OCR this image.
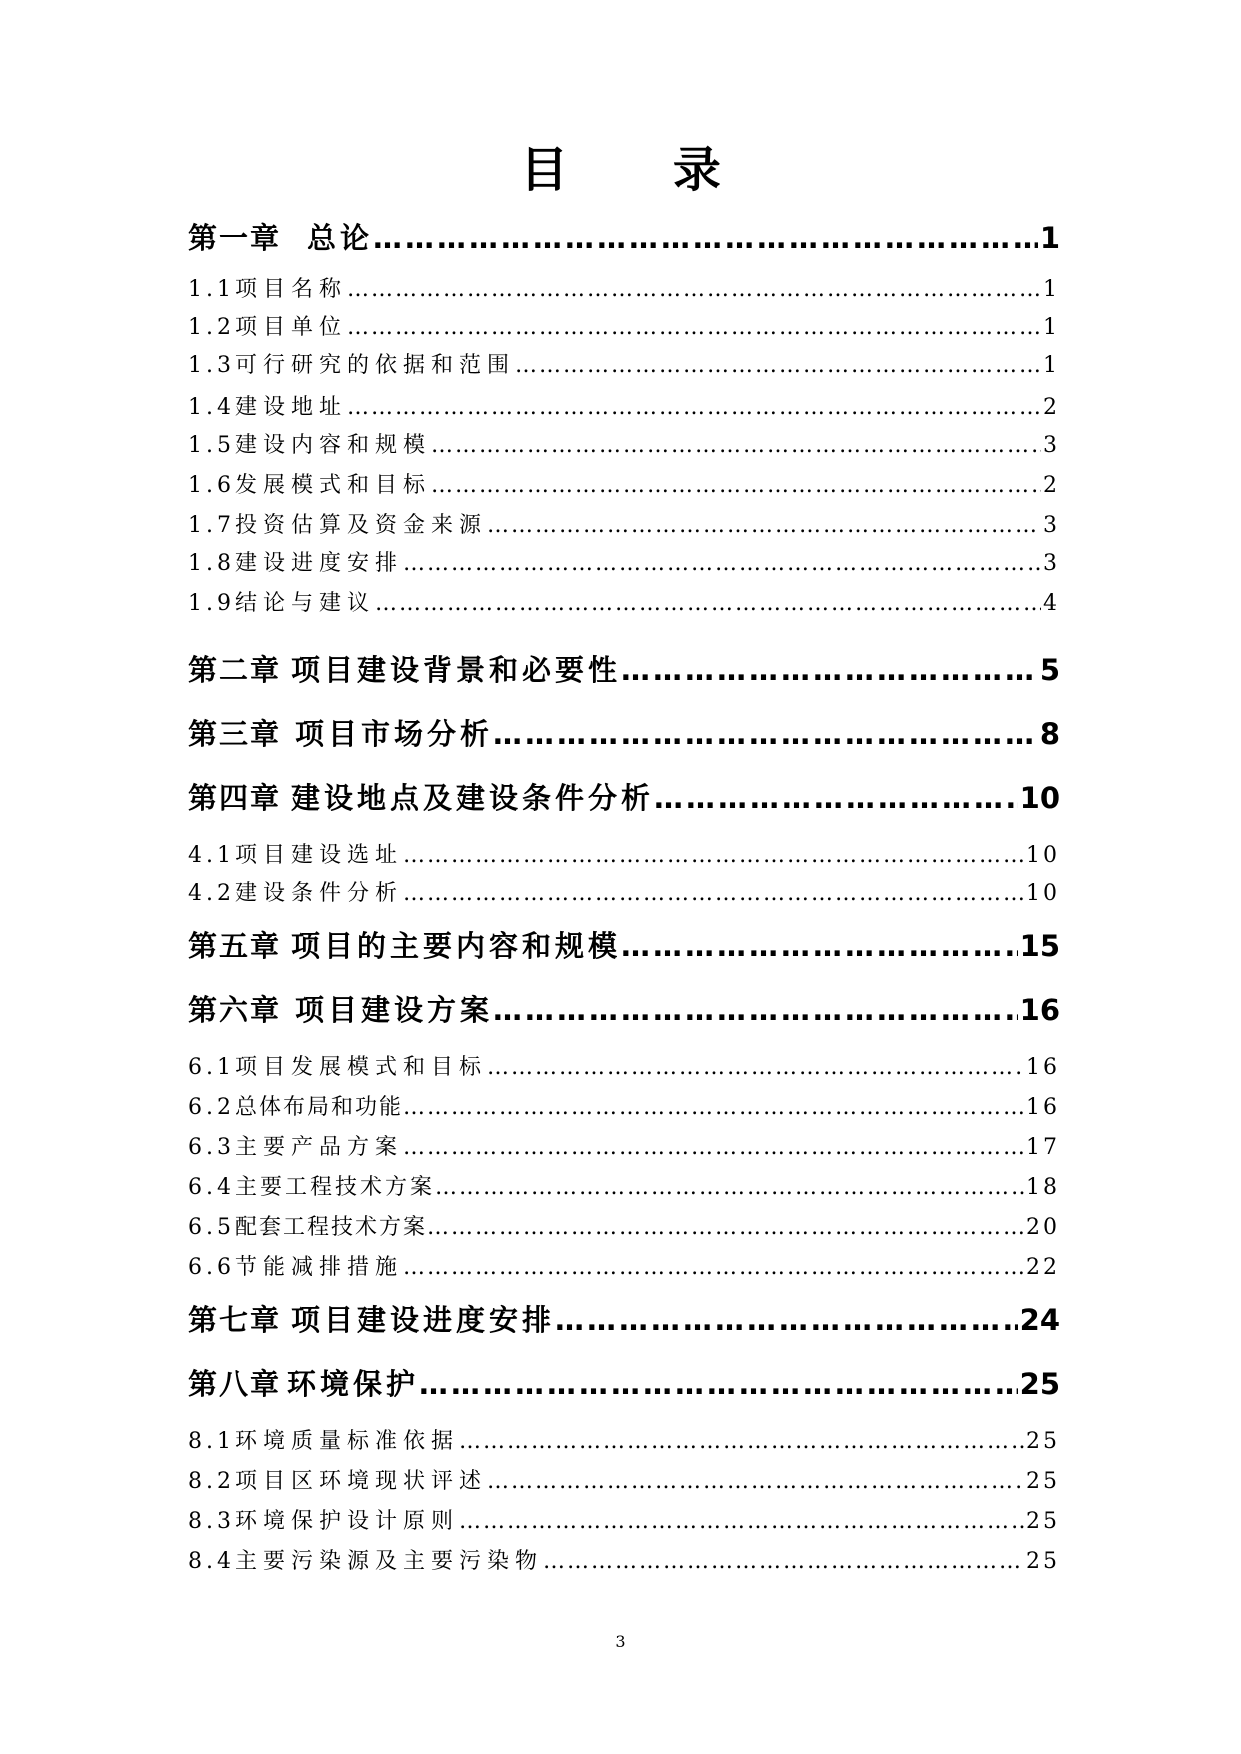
目 录
第一章 总论 …………………………………………………………………………………………………………………………………………	1
1.1 项目名称 …………………………………………………………………………………………………………………………………………	1
1.2 项目单位 …………………………………………………………………………………………………………………………………………	1
1.3 可行研究的依据和范围 …………………………………………………………………………………………………………………………………………	1
1.4 建设地址 …………………………………………………………………………………………………………………………………………	2
1.5 建设内容和规模 …………………………………………………………………………………………………………………………………………	3
1.6 发展模式和目标 …………………………………………………………………………………………………………………………………………	2
1.7 投资估算及资金来源 …………………………………………………………………………………………………………………………………………	3
1.8 建设进度安排 …………………………………………………………………………………………………………………………………………	3
1.9 结论与建议 …………………………………………………………………………………………………………………………………………	4
第二章 项目建设背景和必要性 …………………………………………………………………………………………………………………………………………	5
第三章 项目市场分析 …………………………………………………………………………………………………………………………………………	8
第四章 建设地点及建设条件分析 …………………………………………………………………………………………………………………………………………	10
4.1 项目建设选址 …………………………………………………………………………………………………………………………………………	10
4.2 建设条件分析 …………………………………………………………………………………………………………………………………………	10
第五章 项目的主要内容和规模 …………………………………………………………………………………………………………………………………………	15
第六章 项目建设方案 …………………………………………………………………………………………………………………………………………	16
6.1 项目发展模式和目标 …………………………………………………………………………………………………………………………………………	16
6.2 总体布局和功能 …………………………………………………………………………………………………………………………………………	16
6.3 主要产品方案 …………………………………………………………………………………………………………………………………………	17
6.4 主要工程技术方案 …………………………………………………………………………………………………………………………………………	18
6.5 配套工程技术方案 …………………………………………………………………………………………………………………………………………	20
6.6 节能减排措施 …………………………………………………………………………………………………………………………………………	22
第七章 项目建设进度安排 …………………………………………………………………………………………………………………………………………	24
第八章 环境保护 …………………………………………………………………………………………………………………………………………	25
8.1 环境质量标准依据 …………………………………………………………………………………………………………………………………………	25
8.2 项目区环境现状评述 …………………………………………………………………………………………………………………………………………	25
8.3 环境保护设计原则 …………………………………………………………………………………………………………………………………………	25
8.4 主要污染源及主要污染物 …………………………………………………………………………………………………………………………………………	25
3
